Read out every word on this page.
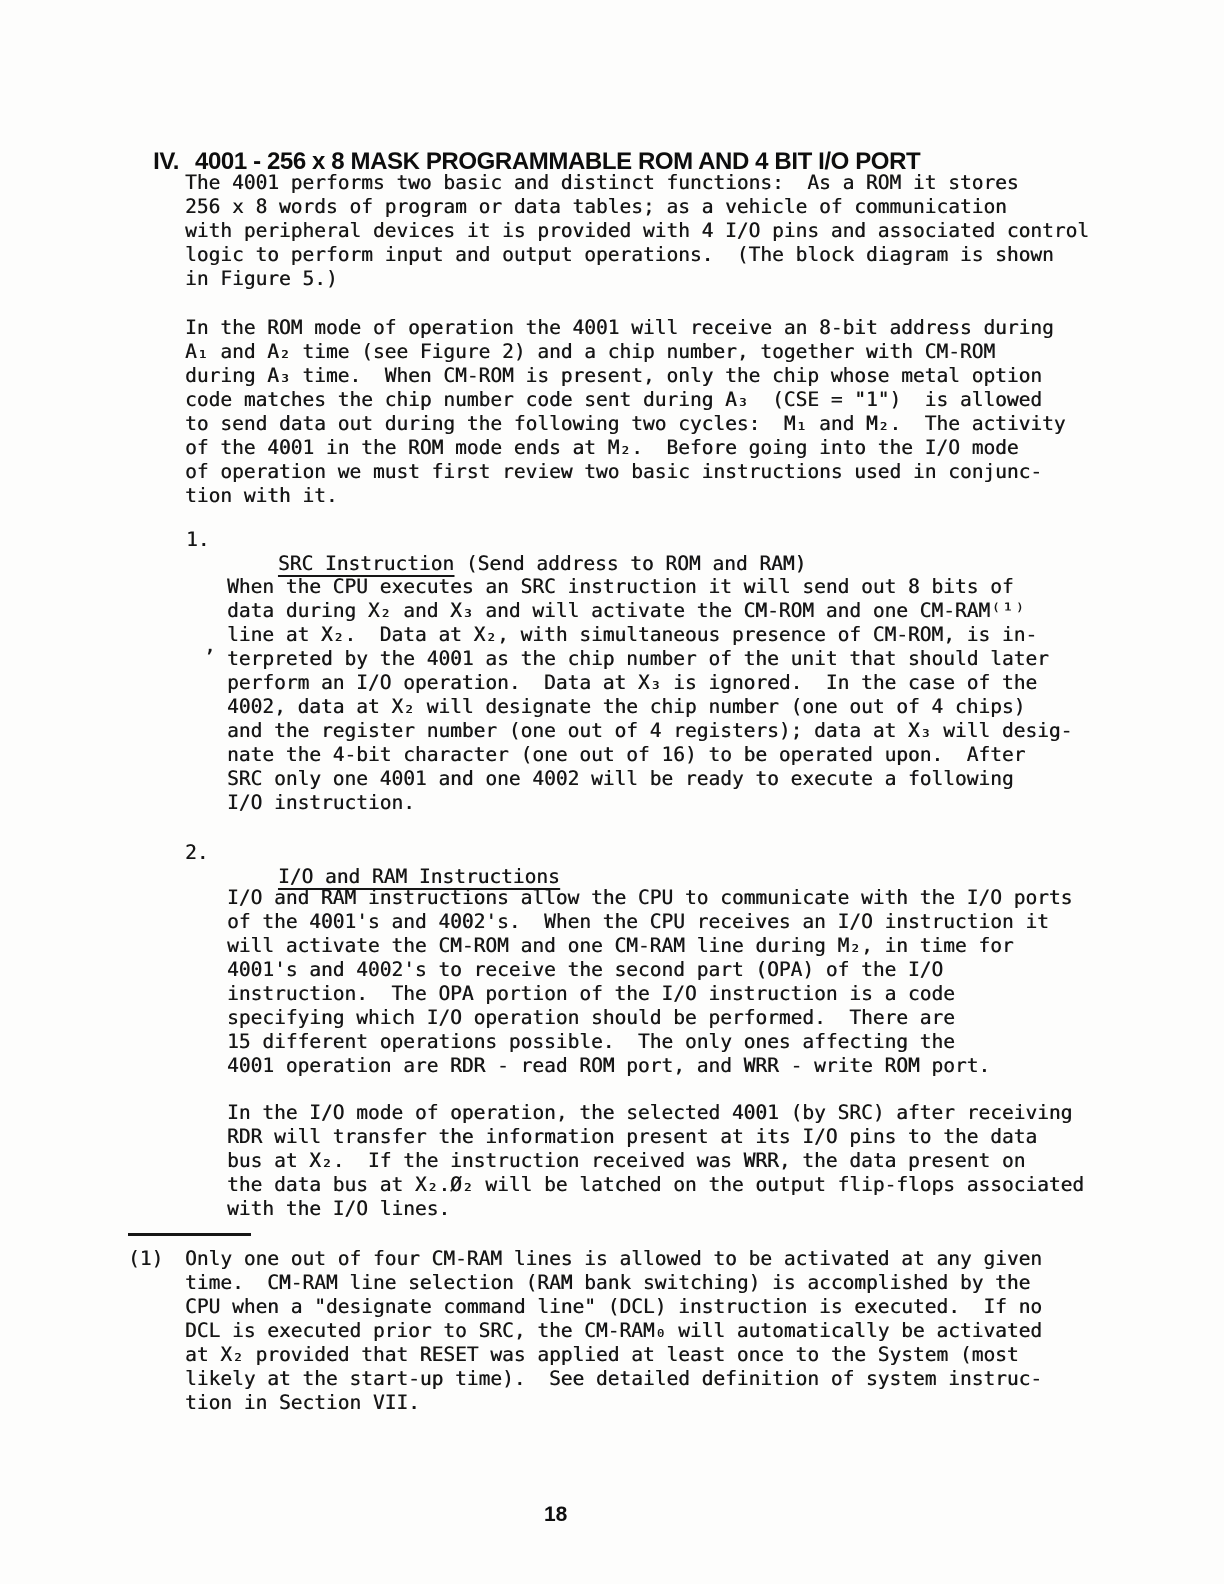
IV. 4001 - 256 x 8 MASK PROGRAMMABLE ROM AND 4 BIT I/O PORT

The 4001 performs two basic and distinct functions:  As a ROM it stores
256 x 8 words of program or data tables; as a vehicle of communication
with peripheral devices it is provided with 4 I/O pins and associated control
logic to perform input and output operations.  (The block diagram is shown
in Figure 5.)
In the ROM mode of operation the 4001 will receive an 8-bit address during
A₁ and A₂ time (see Figure 2) and a chip number, together with CM-ROM
during A₃ time.  When CM-ROM is present, only the chip whose metal option
code matches the chip number code sent during A₃  (CSE = "1")  is allowed
to send data out during the following two cycles:  M₁ and M₂.  The activity
of the 4001 in the ROM mode ends at M₂.  Before going into the I/O mode
of operation we must first review two basic instructions used in conjunc-
tion with it.
1.

SRC Instruction (Send address to ROM and RAM)

,
When the CPU executes an SRC instruction it will send out 8 bits of
data during X₂ and X₃ and will activate the CM-ROM and one CM-RAM⁽¹⁾
line at X₂.  Data at X₂, with simultaneous presence of CM-ROM, is in-
terpreted by the 4001 as the chip number of the unit that should later
perform an I/O operation.  Data at X₃ is ignored.  In the case of the
4002, data at X₂ will designate the chip number (one out of 4 chips)
and the register number (one out of 4 registers); data at X₃ will desig-
nate the 4-bit character (one out of 16) to be operated upon.  After
SRC only one 4001 and one 4002 will be ready to execute a following
I/O instruction.
2.

I/O and RAM Instructions

I/O and RAM instructions allow the CPU to communicate with the I/O ports
of the 4001's and 4002's.  When the CPU receives an I/O instruction it
will activate the CM-ROM and one CM-RAM line during M₂, in time for
4001's and 4002's to receive the second part (OPA) of the I/O
instruction.  The OPA portion of the I/O instruction is a code
specifying which I/O operation should be performed.  There are
15 different operations possible.  The only ones affecting the
4001 operation are RDR - read ROM port, and WRR - write ROM port.
In the I/O mode of operation, the selected 4001 (by SRC) after receiving
RDR will transfer the information present at its I/O pins to the data
bus at X₂.  If the instruction received was WRR, the data present on
the data bus at X₂.Ø₂ will be latched on the output flip-flops associated
with the I/O lines.
(1) Only one out of four CM-RAM lines is allowed to be activated at any given
time.  CM-RAM line selection (RAM bank switching) is accomplished by the
CPU when a "designate command line" (DCL) instruction is executed.  If no
DCL is executed prior to SRC, the CM-RAM₀ will automatically be activated
at X₂ provided that RESET was applied at least once to the System (most
likely at the start-up time).  See detailed definition of system instruc-
tion in Section VII.
18
